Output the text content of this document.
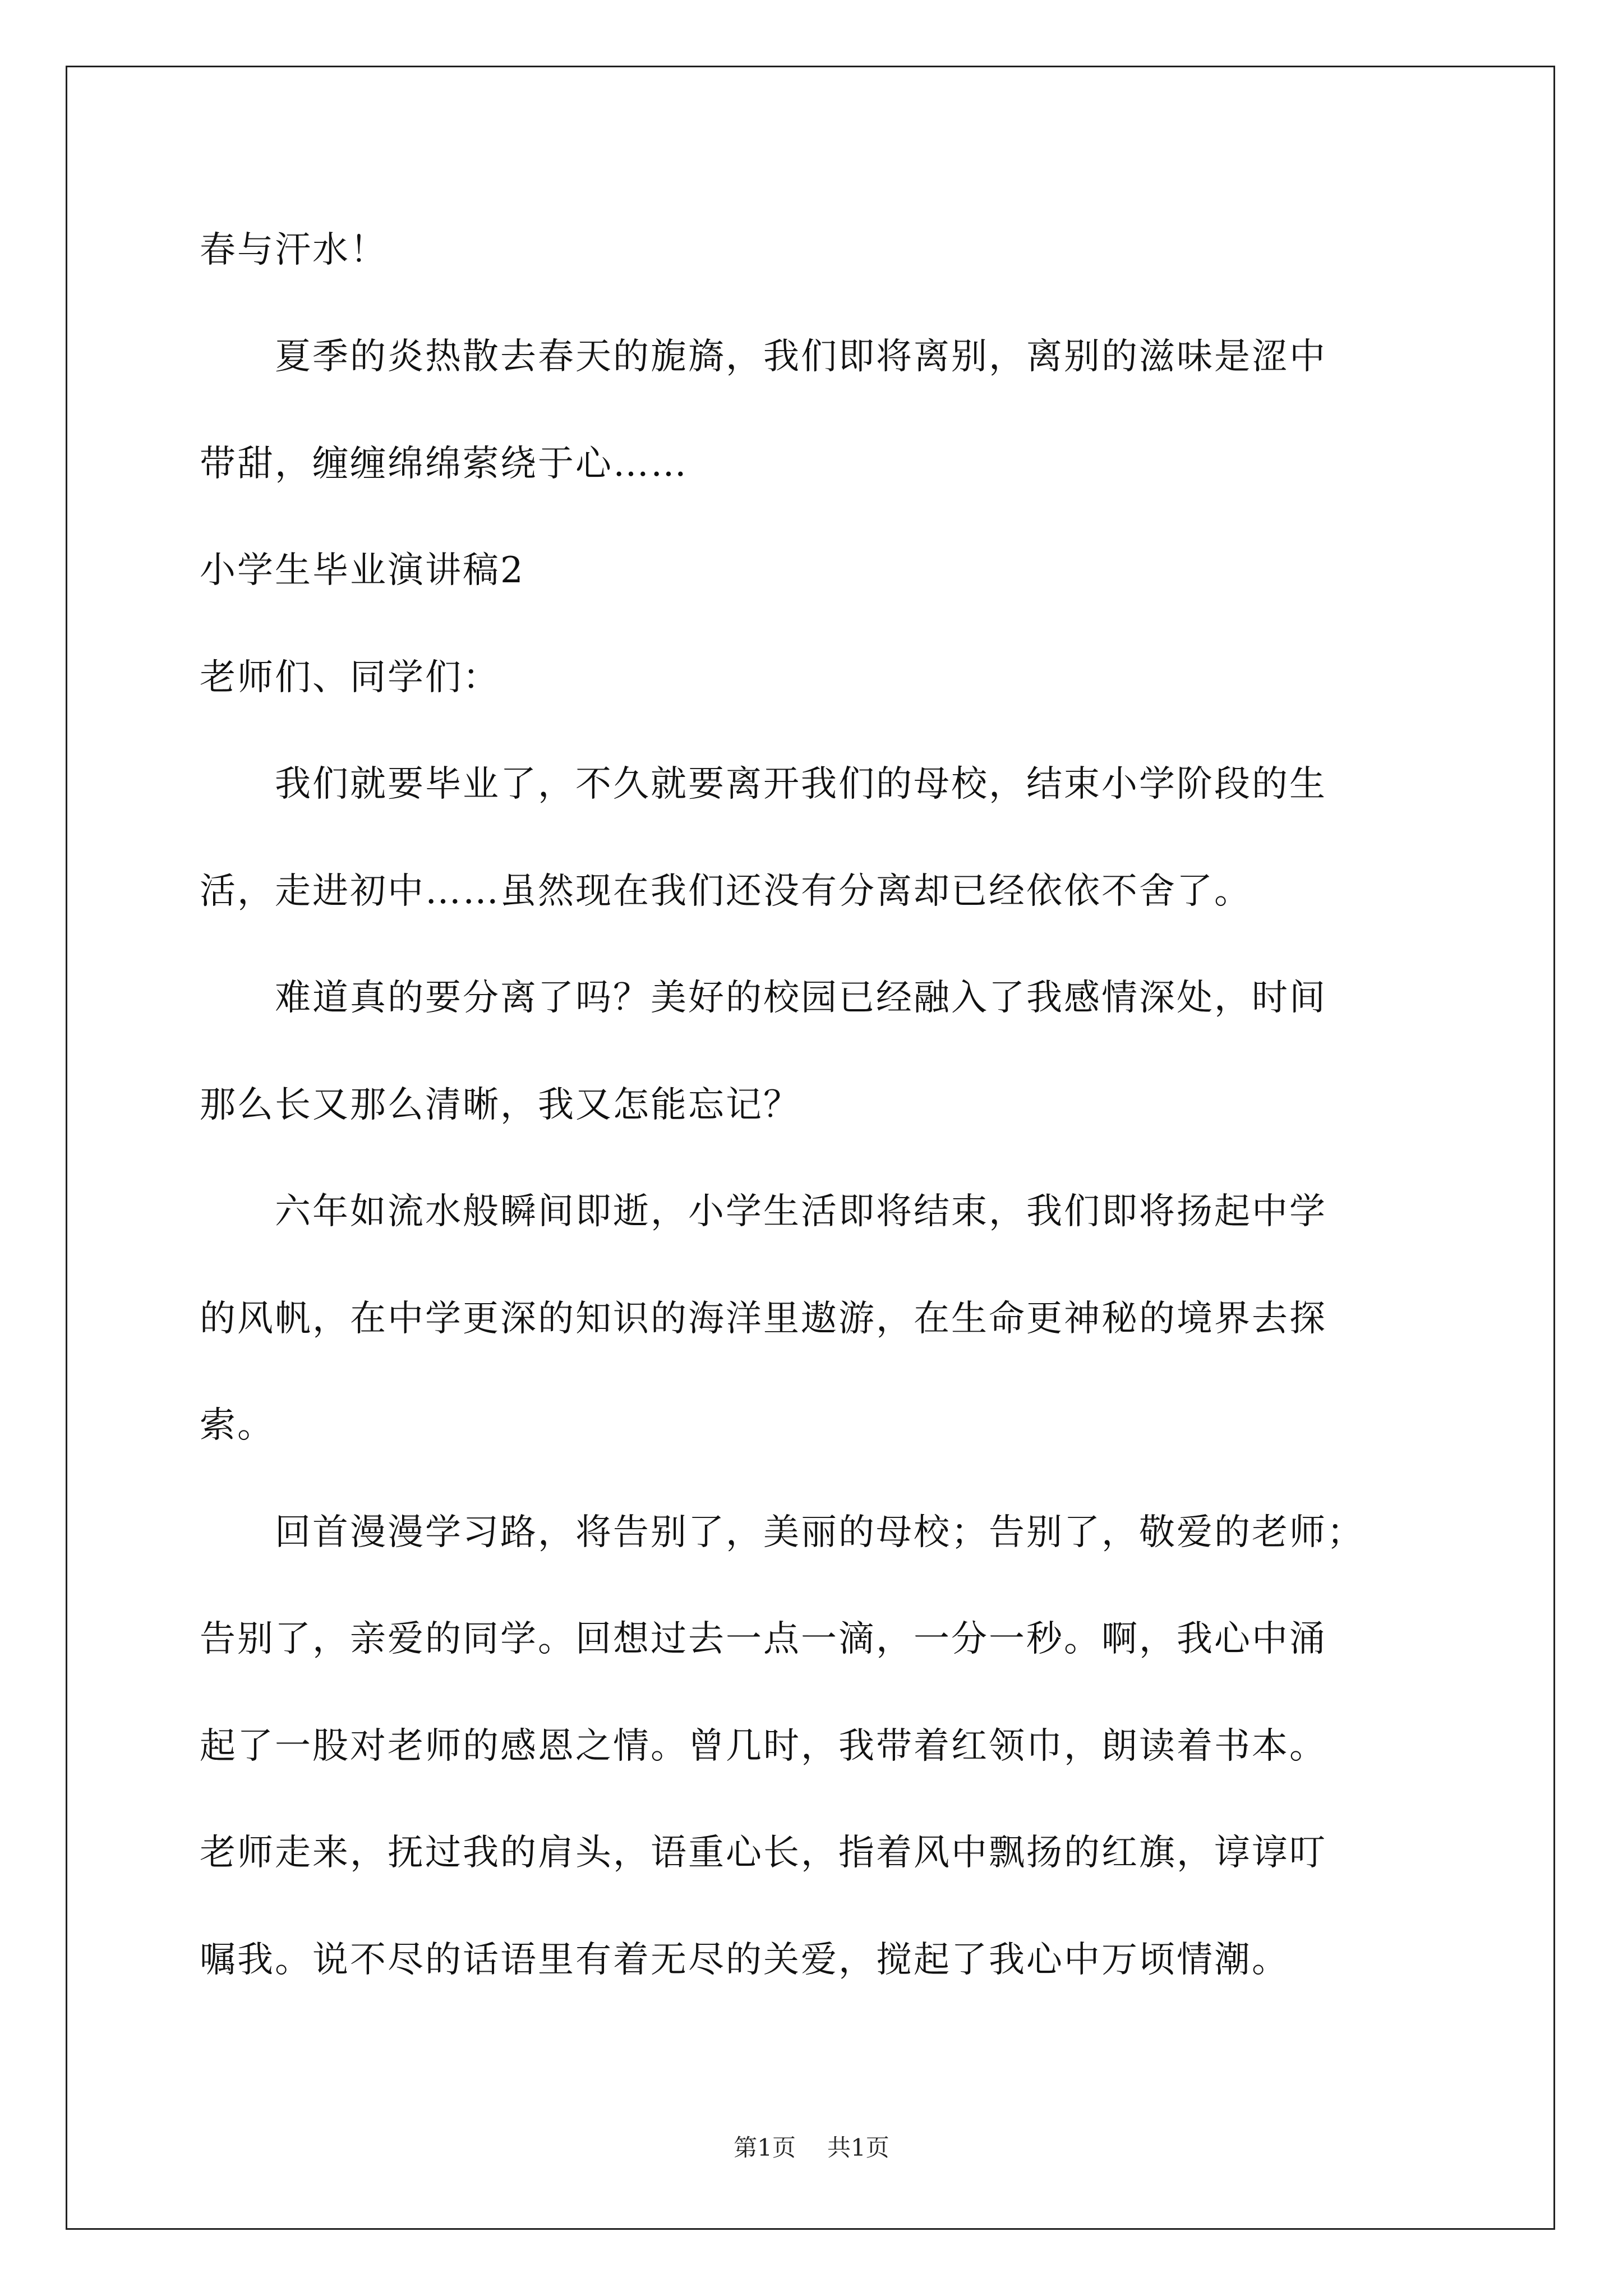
春与汗水！
　　夏季的炎热散去春天的旎旖，我们即将离别，离别的滋味是涩中
带甜，缠缠绵绵萦绕于心……
小学生毕业演讲稿2
老师们、同学们：
　　我们就要毕业了，不久就要离开我们的母校，结束小学阶段的生
活，走进初中……虽然现在我们还没有分离却已经依依不舍了。
　　难道真的要分离了吗？美好的校园已经融入了我感情深处，时间
那么长又那么清晰，我又怎能忘记？
　　六年如流水般瞬间即逝，小学生活即将结束，我们即将扬起中学
的风帆，在中学更深的知识的海洋里遨游，在生命更神秘的境界去探
索。
　　回首漫漫学习路，将告别了，美丽的母校；告别了，敬爱的老师；
告别了，亲爱的同学。回想过去一点一滴，一分一秒。啊，我心中涌
起了一股对老师的感恩之情。曾几时，我带着红领巾，朗读着书本。
老师走来，抚过我的肩头，语重心长，指着风中飘扬的红旗，谆谆叮
嘱我。说不尽的话语里有着无尽的关爱，搅起了我心中万顷情潮。
第1页 共1页
